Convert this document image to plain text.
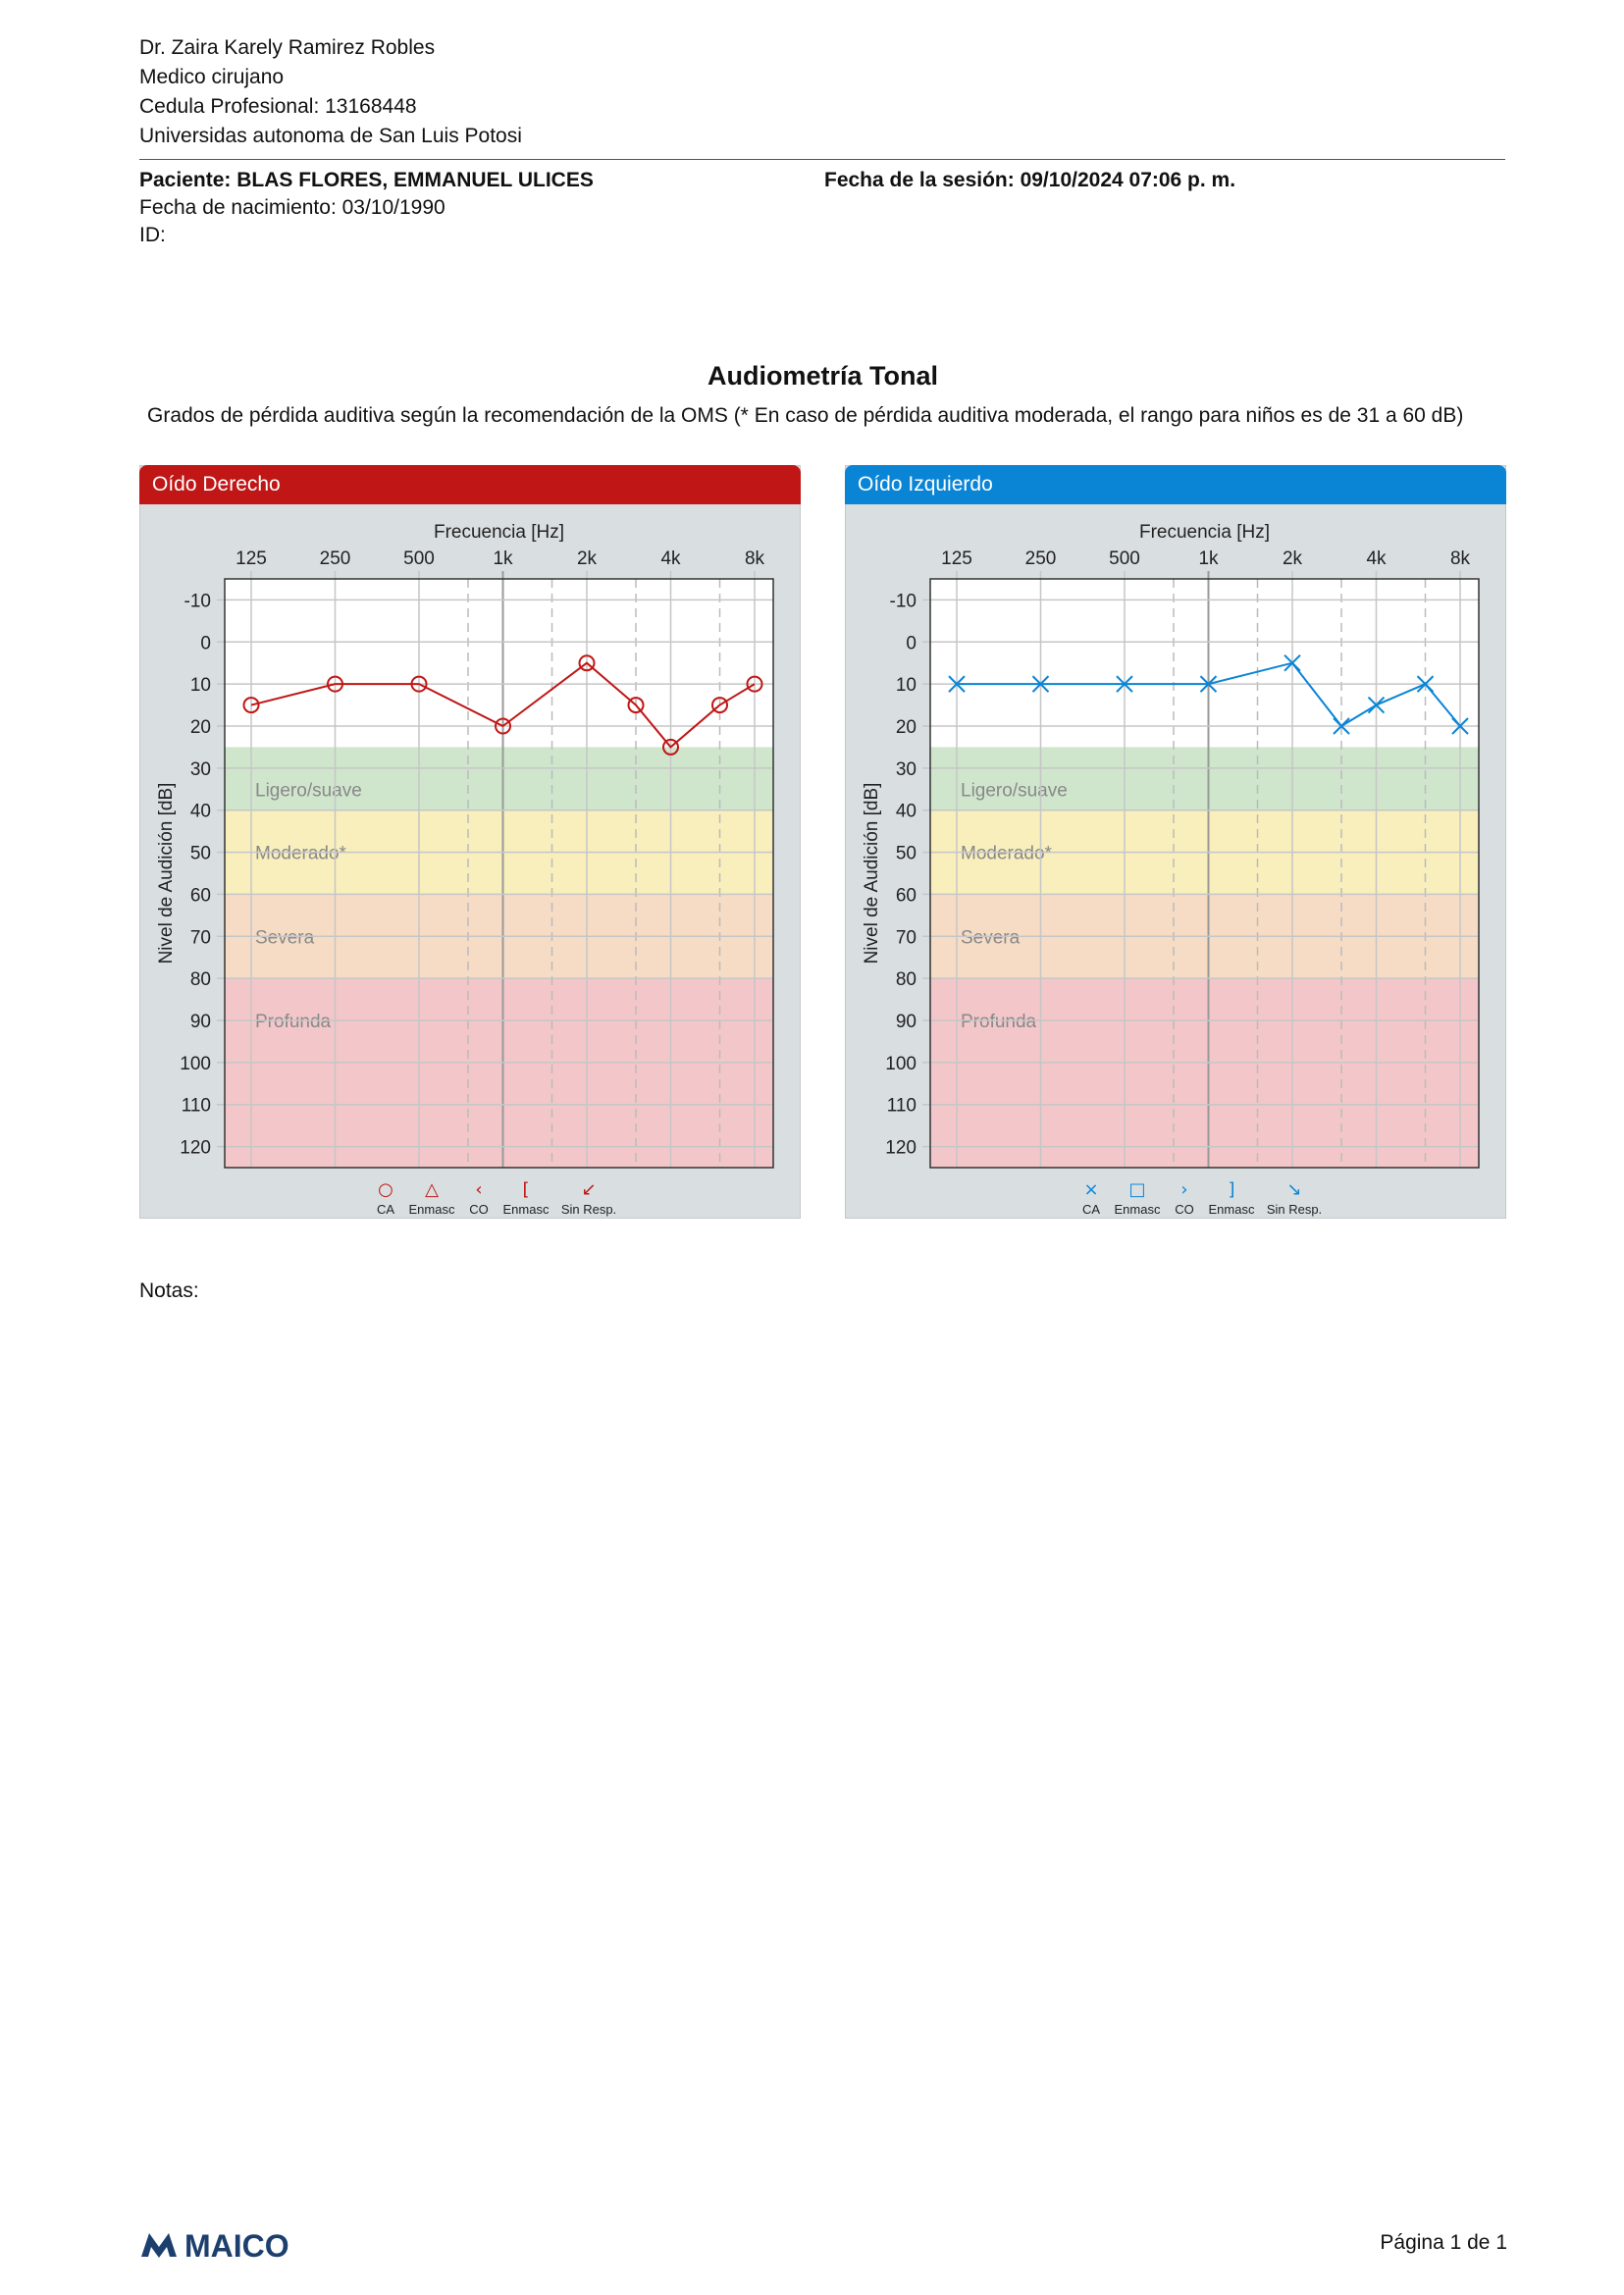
Dr. Zaira Karely Ramirez Robles
Medico cirujano
Cedula Profesional: 13168448
Universidas autonoma de San Luis Potosi
Paciente: BLAS FLORES, EMMANUEL ULICES
Fecha de nacimiento: 03/10/1990
ID:
Fecha de la sesión: 09/10/2024 07:06 p. m.
Audiometría Tonal
Grados de pérdida auditiva según la recomendación de la OMS (* En caso de pérdida auditiva moderada, el rango para niños es de 31 a 60 dB)
Oído Derecho
Ligero/suave
Moderado*
Severa
Profunda
Frecuencia [Hz]
125	250	500	1k	2k	4k	8k
-10
0
10
20
30
40
50
60
70
80
90
100
110
120
Nivel de Audición [dB]
○
CA
△
Enmasc
‹
CO
[
Enmasc
↙
Sin Resp.
Oído Izquierdo
Ligero/suave
Moderado*
Severa
Profunda
Frecuencia [Hz]
125	250	500	1k	2k	4k	8k
-10
0
10
20
30
40
50
60
70
80
90
100
110
120
Nivel de Audición [dB]
×
CA
□
Enmasc
›
CO
]
Enmasc
↘
Sin Resp.
Notas:
MAICO	Página 1 de 1
